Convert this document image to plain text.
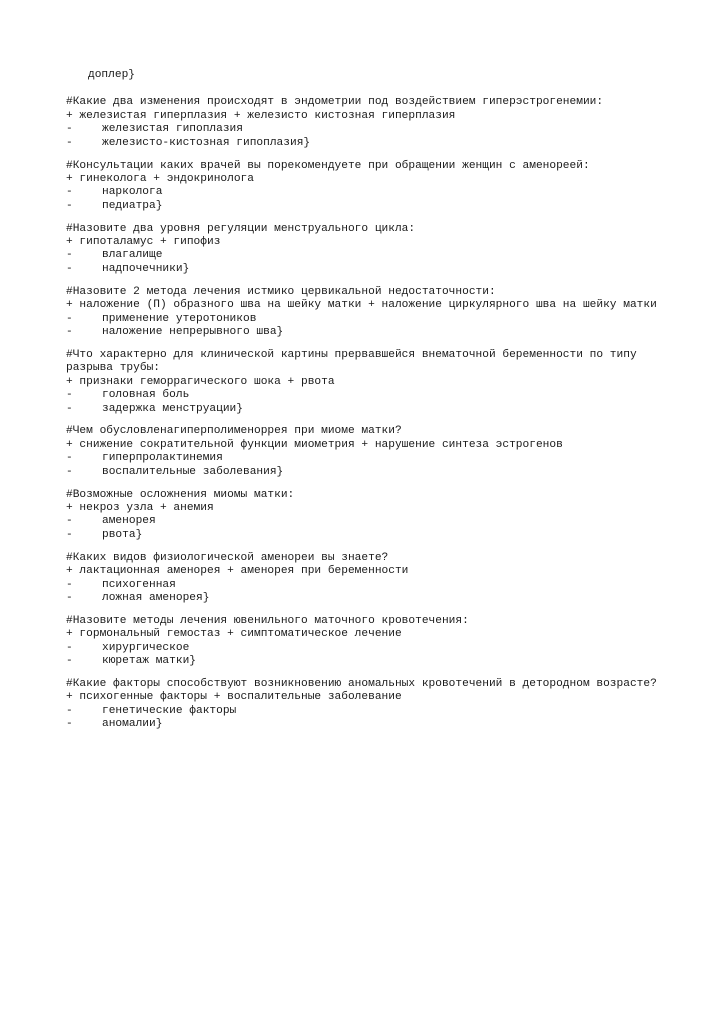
доплер}
#Какие два изменения происходят в эндометрии под воздействием гиперэстрогенемии:
+ железистая гиперплазия + железисто кистозная гиперплазия
-	железистая гипоплазия
-	железисто-кистозная гипоплазия}
#Консультации каких врачей вы порекомендуете при обращении женщин с аменореей:
+ гинеколога + эндокринолога
-	нарколога
-	педиатра}
#Назовите два уровня регуляции менструального цикла:
+ гипоталамус + гипофиз
-	влагалище
-	надпочечники}
#Назовите 2 метода лечения истмико цервикальной недостаточности:
+ наложение (П) образного шва на шейку матки + наложение циркулярного шва на шейку матки
-	применение утеротоников
-	наложение непрерывного шва}
#Что характерно для клинической картины прервавшейся внематочной беременности по типу разрыва трубы:
+ признаки геморрагического шока + рвота
-	головная боль
-	задержка менструации}
#Чем обусловленагиперполименоррея при миоме матки?
+ снижение сократительной функции миометрия + нарушение синтеза эстрогенов
-	гиперпролактинемия
-	воспалительные заболевания}
#Возможные осложнения миомы матки:
+ некроз узла + анемия
-	аменорея
-	рвота}
#Каких видов физиологической аменореи вы знаете?
+ лактационная аменорея + аменорея при беременности
-	психогенная
-	ложная аменорея}
#Назовите методы лечения ювенильного маточного кровотечения:
+ гормональный гемостаз + симптоматическое лечение
-	хирургическое
-	кюретаж матки}
#Какие факторы способствуют возникновению аномальных кровотечений в детородном возрасте?
+ психогенные факторы + воспалительные заболевание
-	генетические факторы
-	аномалии}
